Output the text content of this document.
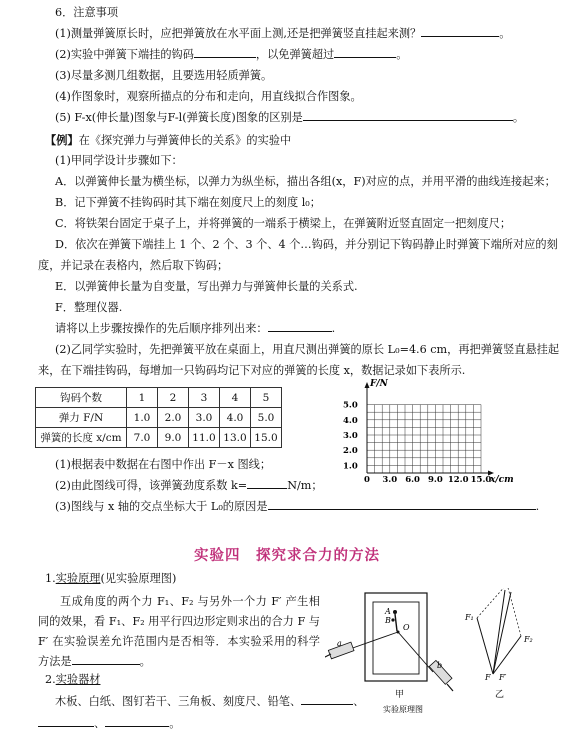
6．注意事项
(1)测量弹簧原长时，应把弹簧放在水平面上测,还是把弹簧竖直挂起来测？	。
(2)实验中弹簧下端挂的钩码	，以免弹簧超过	。
(3)尽量多测几组数据，且要选用轻质弹簧。
(4)作图象时，观察所描点的分布和走向，用直线拟合作图象。
(5) F-x(伸长量)图象与F-l(弹簧长度)图象的区别是	。
【例】在《探究弹力与弹簧伸长的关系》的实验中
(1)甲同学设计步骤如下：
A．以弹簧伸长量为横坐标，以弹力为纵坐标，描出各组(x，F)对应的点，并用平滑的曲线连接起来；
B．记下弹簧不挂钩码时其下端在刻度尺上的刻度 l₀；
C．将铁架台固定于桌子上，并将弹簧的一端系于横梁上，在弹簧附近竖直固定一把刻度尺；
D．依次在弹簧下端挂上 1 个、2 个、3 个、4 个…钩码，并分别记下钩码静止时弹簧下端所对应的刻
度，并记录在表格内，然后取下钩码；
E．以弹簧伸长量为自变量，写出弹力与弹簧伸长量的关系式.
F．整理仪器.
请将以上步骤按操作的先后顺序排列出来：	.
(2)乙同学实验时，先把弹簧平放在桌面上，用直尺测出弹簧的原长 L₀=4.6 cm，再把弹簧竖直悬挂起
来，在下端挂钩码，每增加一只钩码均记下对应的弹簧的长度 x，数据记录如下表所示.
钩码个数	1	2	3	4	5
弹力 F/N	1.0	2.0	3.0	4.0	5.0
弹簧的长度 x/cm	7.0	9.0	11.0	13.0	15.0
F/N
x/cm
5.0
4.0
3.0
2.0
1.0
0 3.0 6.0 9.0 12.0 15.0
(1)根据表中数据在右图中作出 F－x 图线；
(2)由此图线可得，该弹簧劲度系数 k=	N/m；
(3)图线与 x 轴的交点坐标大于 L₀的原因是	.
实验四　探究求合力的方法
1.实验原理(见实验原理图)
互成角度的两个力 F₁、F₂ 与另外一个力 F′ 产生相同的效果，看 F₁、F₂ 用平行四边形定则求出的合力 F 与 F′ 在实验误差允许范围内是否相等．本实验采用的科学方法是	。
2.实验器材
木板、白纸、图钉若干、三角板、刻度尺、铅笔、	、
、	。
A
B
O
a
b
甲
F₁
F₂
F F′
乙
实验原理图
